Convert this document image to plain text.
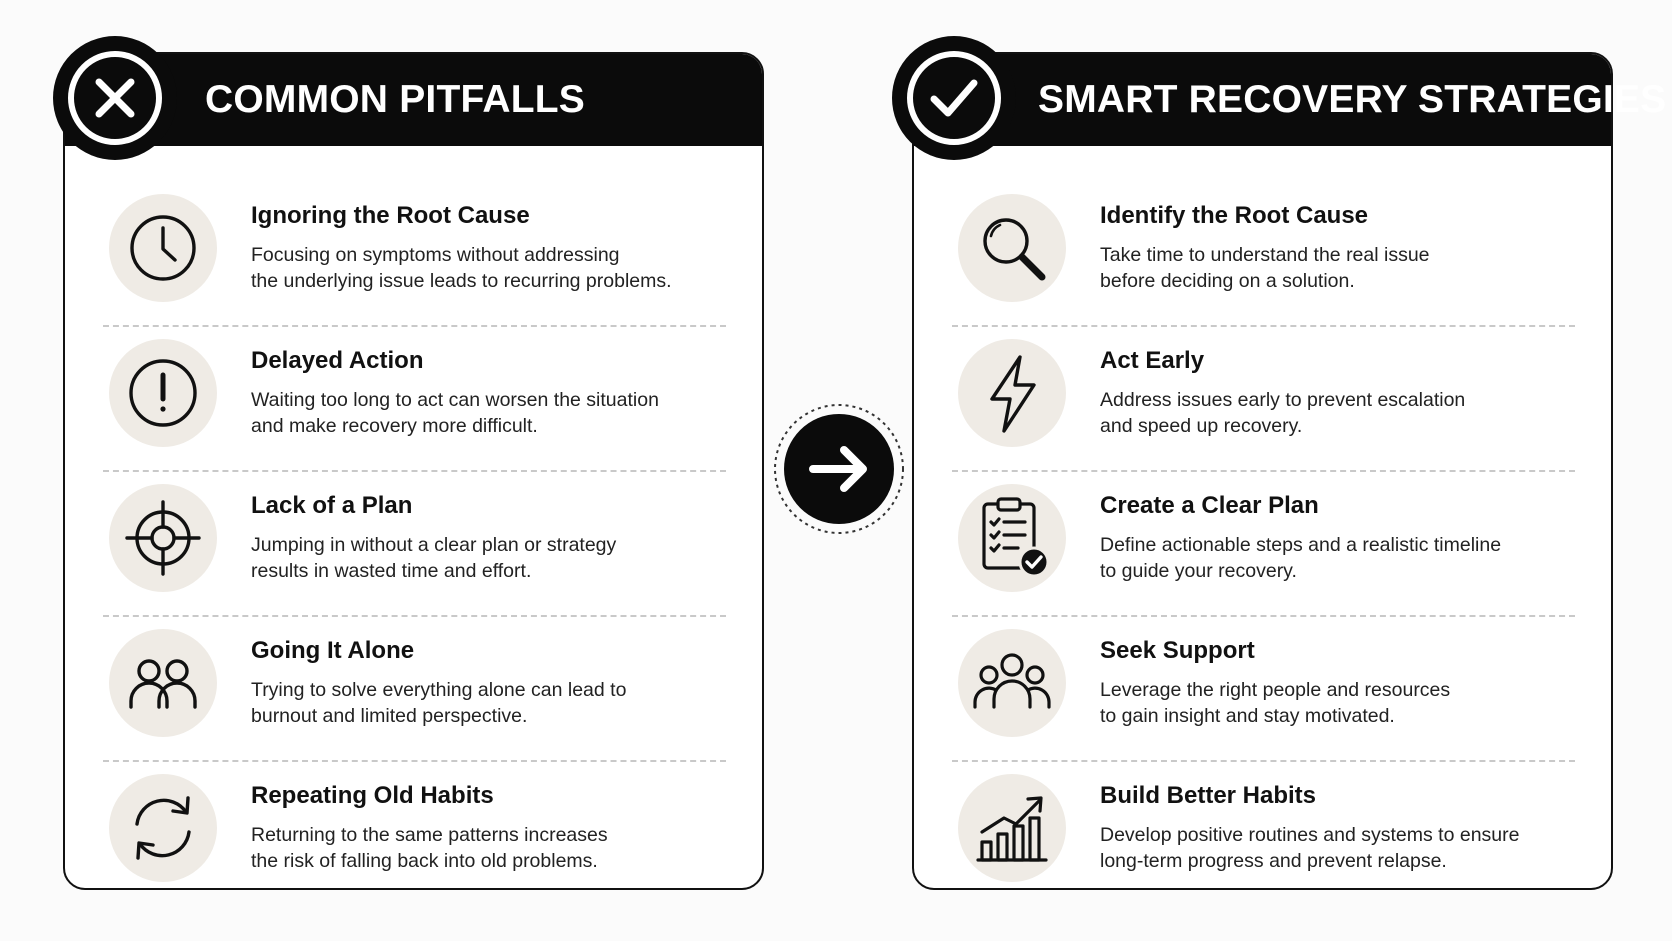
COMMON PITFALLS
Ignoring the Root Cause
Focusing on symptoms without addressing
the underlying issue leads to recurring problems.
Delayed Action
Waiting too long to act can worsen the situation
and make recovery more difficult.
Lack of a Plan
Jumping in without a clear plan or strategy
results in wasted time and effort.
Going It Alone
Trying to solve everything alone can lead to
burnout and limited perspective.
Repeating Old Habits
Returning to the same patterns increases
the risk of falling back into old problems.
SMART RECOVERY STRATEGIES
Identify the Root Cause
Take time to understand the real issue
before deciding on a solution.
Act Early
Address issues early to prevent escalation
and speed up recovery.
Create a Clear Plan
Define actionable steps and a realistic timeline
to guide your recovery.
Seek Support
Leverage the right people and resources
to gain insight and stay motivated.
Build Better Habits
Develop positive routines and systems to ensure
long-term progress and prevent relapse.
